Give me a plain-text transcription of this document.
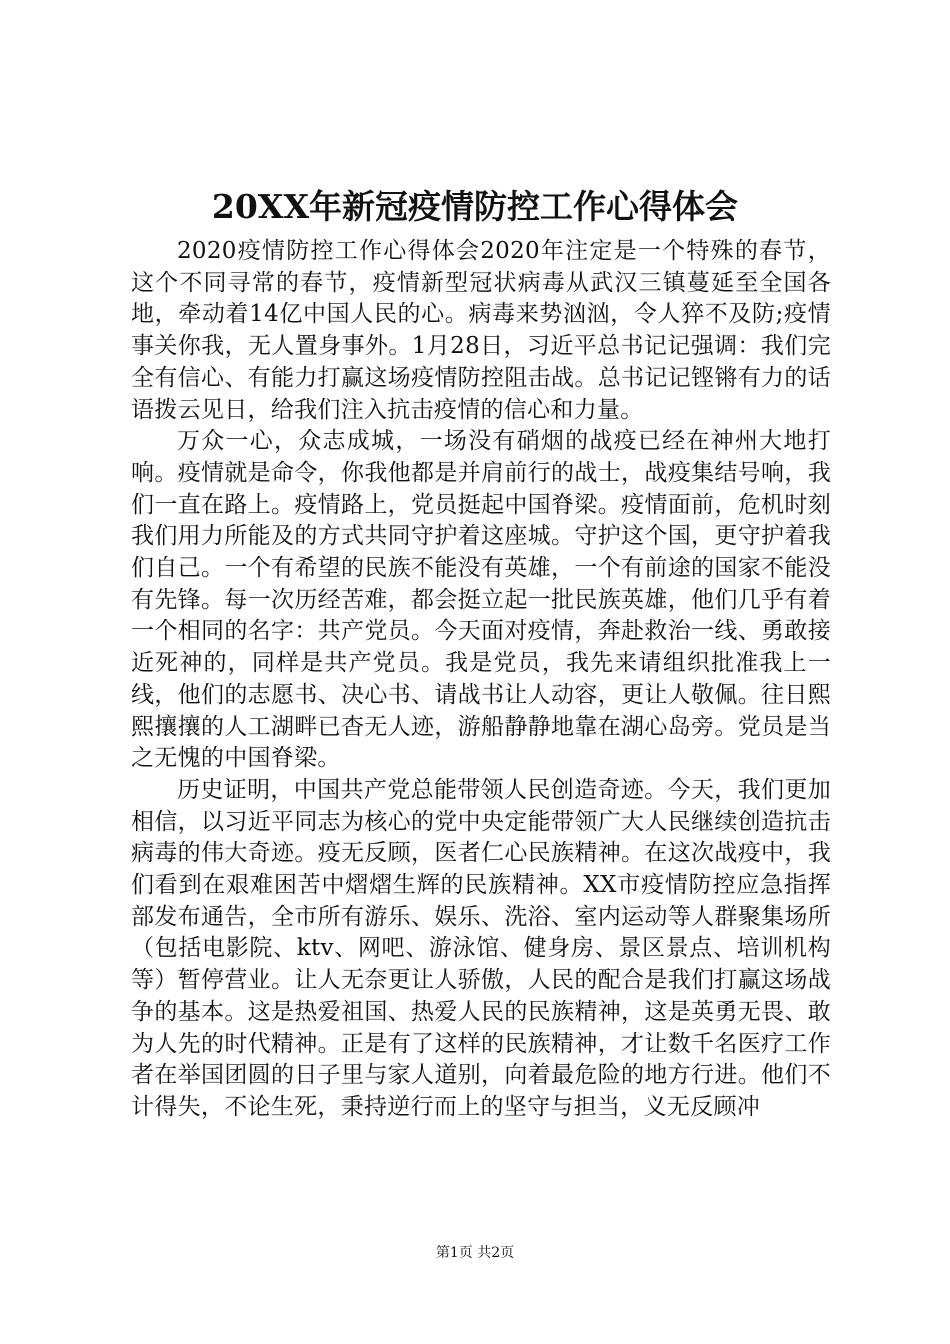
20XX年新冠疫情防控工作心得体会

2020疫情防控工作心得体会2020年注定是一个特殊的春节，这个不同寻常的春节，疫情新型冠状病毒从武汉三镇蔓延至全国各地，牵动着14亿中国人民的心。病毒来势汹汹，令人猝不及防;疫情事关你我，无人置身事外。1月28日，习近平总书记记强调：我们完全有信心、有能力打赢这场疫情防控阻击战。总书记记铿锵有力的话语拨云见日，给我们注入抗击疫情的信心和力量。

万众一心，众志成城，一场没有硝烟的战疫已经在神州大地打响。疫情就是命令，你我他都是并肩前行的战士，战疫集结号响，我们一直在路上。疫情路上，党员挺起中国脊梁。疫情面前，危机时刻我们用力所能及的方式共同守护着这座城。守护这个国，更守护着我们自己。一个有希望的民族不能没有英雄，一个有前途的国家不能没有先锋。每一次历经苦难，都会挺立起一批民族英雄，他们几乎有着一个相同的名字：共产党员。今天面对疫情，奔赴救治一线、勇敢接近死神的，同样是共产党员。我是党员，我先来请组织批准我上一线，他们的志愿书、决心书、请战书让人动容，更让人敬佩。往日熙熙攘攘的人工湖畔已杳无人迹，游船静静地靠在湖心岛旁。党员是当之无愧的中国脊梁。

历史证明，中国共产党总能带领人民创造奇迹。今天，我们更加相信，以习近平同志为核心的党中央定能带领广大人民继续创造抗击病毒的伟大奇迹。疫无反顾，医者仁心民族精神。在这次战疫中，我们看到在艰难困苦中熠熠生辉的民族精神。XX市疫情防控应急指挥部发布通告，全市所有游乐、娱乐、洗浴、室内运动等人群聚集场所（包括电影院、ktv、网吧、游泳馆、健身房、景区景点、培训机构等）暂停营业。让人无奈更让人骄傲，人民的配合是我们打赢这场战争的基本。这是热爱祖国、热爱人民的民族精神，这是英勇无畏、敢为人先的时代精神。正是有了这样的民族精神，才让数千名医疗工作者在举国团圆的日子里与家人道别，向着最危险的地方行进。他们不计得失，不论生死，秉持逆行而上的坚守与担当，义无反顾冲

第1页 共2页
